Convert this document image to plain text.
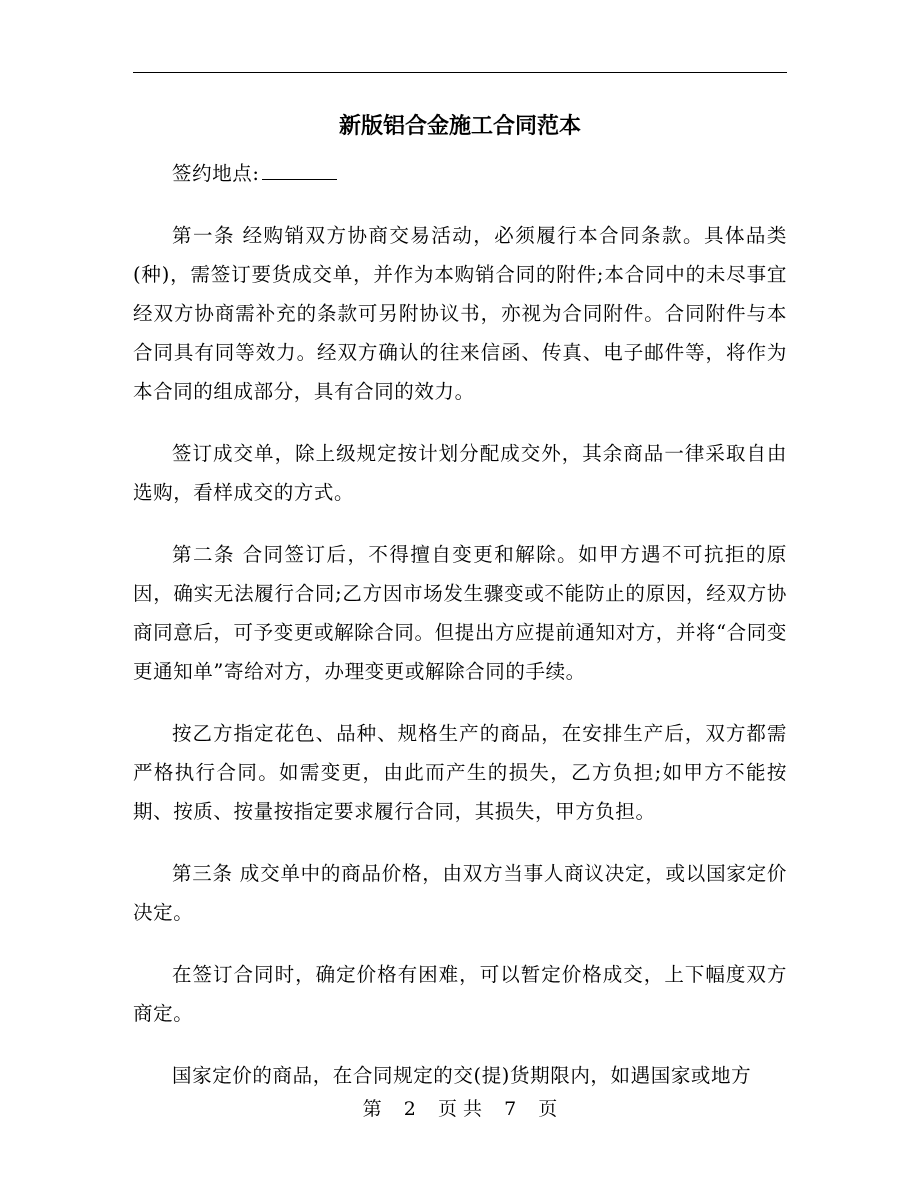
新版铝合金施工合同范本

签约地点:

第一条 经购销双方协商交易活动，必须履行本合同条款。具体品类(种)，需签订要货成交单，并作为本购销合同的附件;本合同中的未尽事宜经双方协商需补充的条款可另附协议书，亦视为合同附件。合同附件与本合同具有同等效力。经双方确认的往来信函、传真、电子邮件等，将作为本合同的组成部分，具有合同的效力。

签订成交单，除上级规定按计划分配成交外，其余商品一律采取自由选购，看样成交的方式。

第二条 合同签订后，不得擅自变更和解除。如甲方遇不可抗拒的原因，确实无法履行合同;乙方因市场发生骤变或不能防止的原因，经双方协商同意后，可予变更或解除合同。但提出方应提前通知对方，并将“合同变更通知单”寄给对方，办理变更或解除合同的手续。

按乙方指定花色、品种、规格生产的商品，在安排生产后，双方都需严格执行合同。如需变更，由此而产生的损失，乙方负担;如甲方不能按期、按质、按量按指定要求履行合同，其损失，甲方负担。

第三条 成交单中的商品价格，由双方当事人商议决定，或以国家定价决定。

在签订合同时，确定价格有困难，可以暂定价格成交，上下幅度双方商定。

国家定价的商品，在合同规定的交(提)货期限内，如遇国家或地方

第 2 页 共 7 页
